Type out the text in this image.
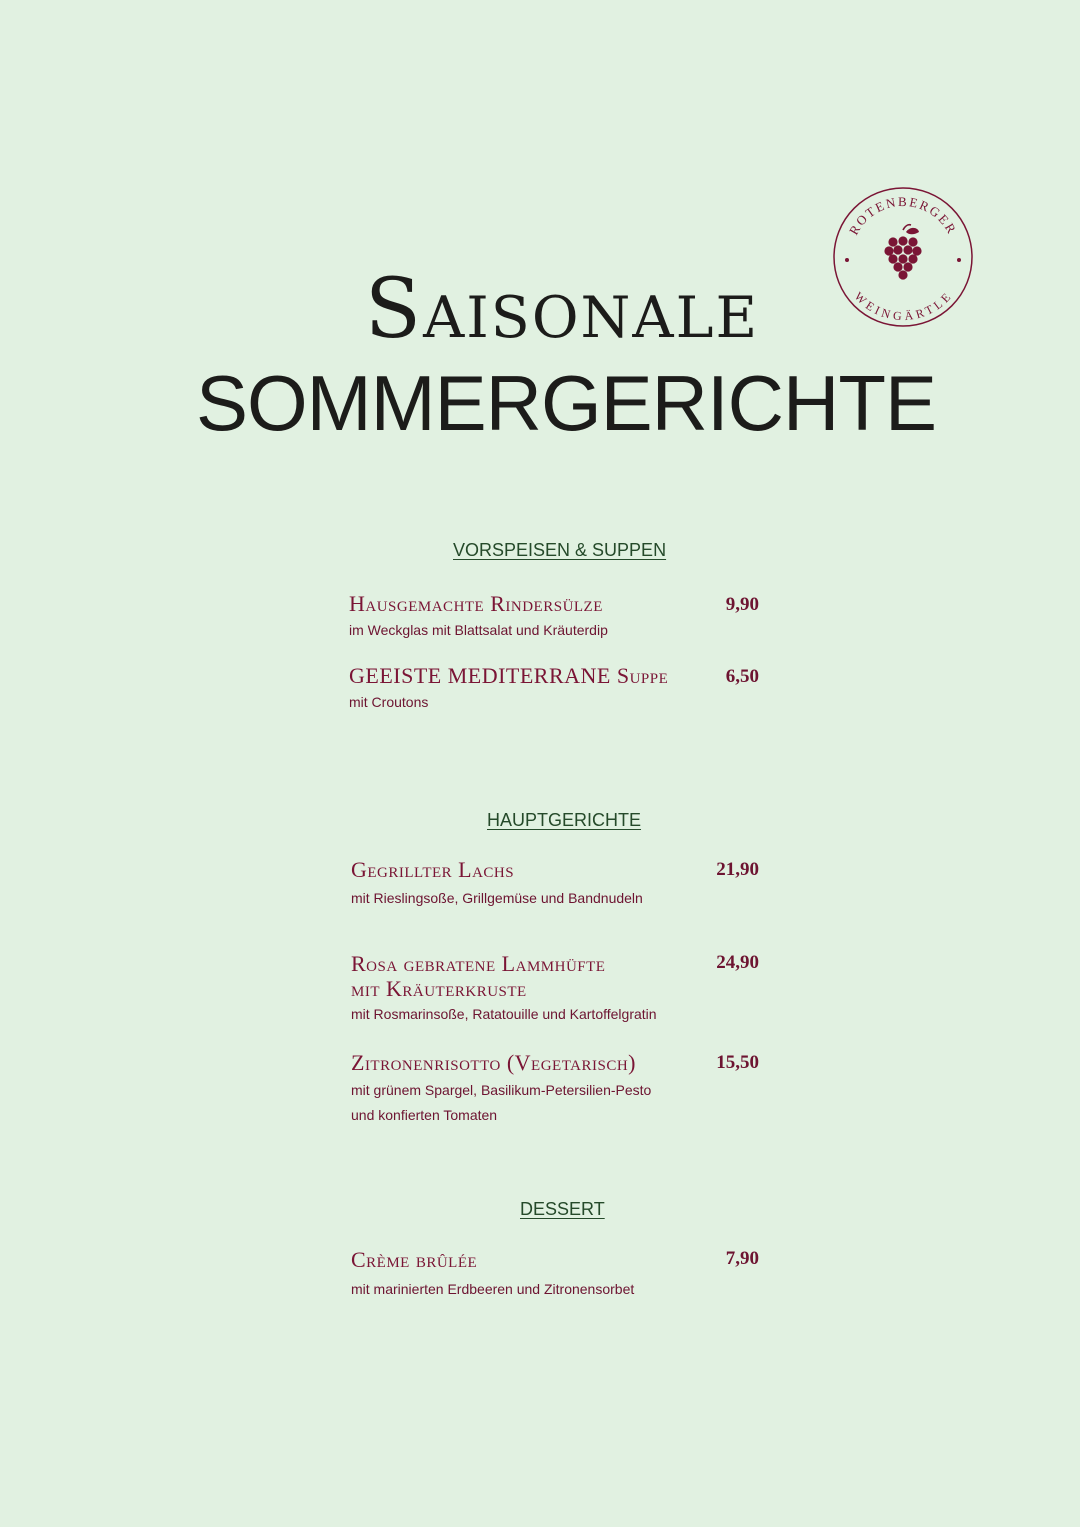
ROTENBERGER
WEINGÄRTLE
Saisonale
SOMMERGERICHTE
VORSPEISEN & SUPPEN
Hausgemachte Rindersülze	9,90
im Weckglas mit Blattsalat und Kräuterdip
GEEISTE MEDITERRANE Suppe	6,50
mit Croutons
HAUPTGERICHTE
Gegrillter Lachs	21,90
mit Rieslingsoße, Grillgemüse und Bandnudeln
Rosa gebratene Lammhüfte
mit Kräuterkruste
24,90
mit Rosmarinsoße, Ratatouille und Kartoffelgratin
Zitronenrisotto (Vegetarisch)	15,50
mit grünem Spargel, Basilikum-Petersilien-Pesto
und konfierten Tomaten
DESSERT
Crème brûlée	7,90
mit marinierten Erdbeeren und Zitronensorbet
